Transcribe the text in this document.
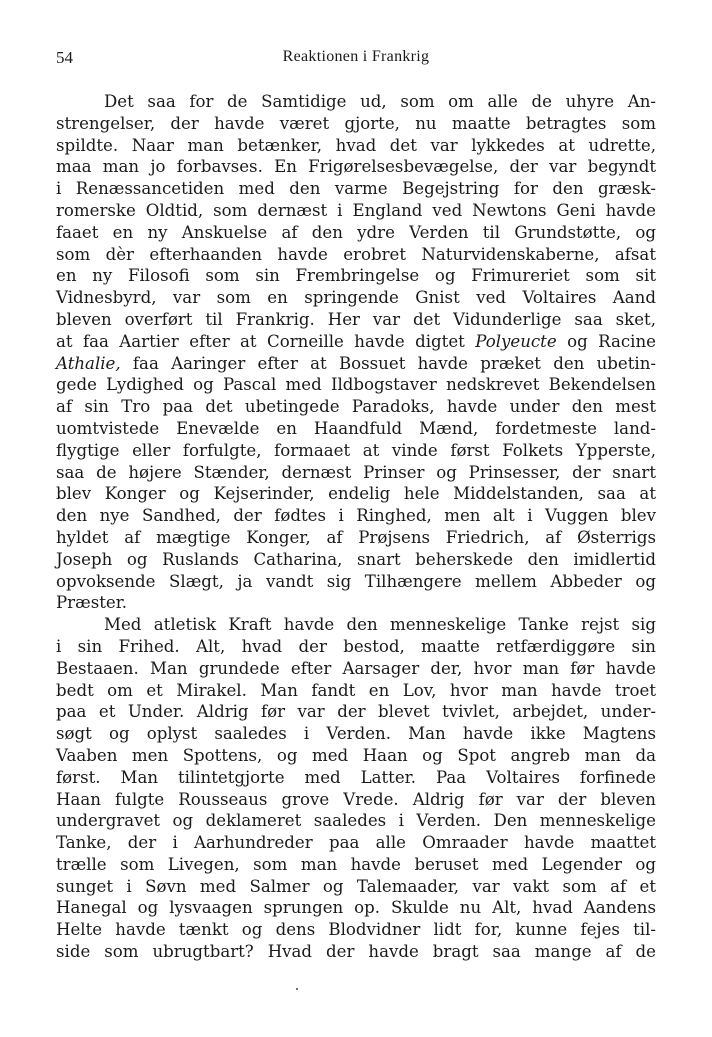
54	Reaktionen i Frankrig
Det saa for de Samtidige ud, som om alle de uhyre An-
strengelser, der havde været gjorte, nu maatte betragtes som
spildte. Naar man betænker, hvad det var lykkedes at udrette,
maa man jo forbavses. En Frigørelsesbevægelse, der var begyndt
i Renæssancetiden med den varme Begejstring for den græsk-
romerske Oldtid, som dernæst i England ved Newtons Geni havde
faaet en ny Anskuelse af den ydre Verden til Grundstøtte, og
som dèr efterhaanden havde erobret Naturvidenskaberne, afsat
en ny Filosofi som sin Frembringelse og Frimureriet som sit
Vidnesbyrd, var som en springende Gnist ved Voltaires Aand
bleven overført til Frankrig. Her var det Vidunderlige saa sket,
at faa Aartier efter at Corneille havde digtet Polyeucte og Racine
Athalie, faa Aaringer efter at Bossuet havde præket den ubetin-
gede Lydighed og Pascal med Ildbogstaver nedskrevet Bekendelsen
af sin Tro paa det ubetingede Paradoks, havde under den mest
uomtvistede Enevælde en Haandfuld Mænd, fordetmeste land-
flygtige eller forfulgte, formaaet at vinde først Folkets Ypperste,
saa de højere Stænder, dernæst Prinser og Prinsesser, der snart
blev Konger og Kejserinder, endelig hele Middelstanden, saa at
den nye Sandhed, der fødtes i Ringhed, men alt i Vuggen blev
hyldet af mægtige Konger, af Prøjsens Friedrich, af Østerrigs
Joseph og Ruslands Catharina, snart beherskede den imidlertid
opvoksende Slægt, ja vandt sig Tilhængere mellem Abbeder og
Præster.
Med atletisk Kraft havde den menneskelige Tanke rejst sig
i sin Frihed. Alt, hvad der bestod, maatte retfærdiggøre sin
Bestaaen. Man grundede efter Aarsager der, hvor man før havde
bedt om et Mirakel. Man fandt en Lov, hvor man havde troet
paa et Under. Aldrig før var der blevet tvivlet, arbejdet, under-
søgt og oplyst saaledes i Verden. Man havde ikke Magtens
Vaaben men Spottens, og med Haan og Spot angreb man da
først. Man tilintetgjorte med Latter. Paa Voltaires forfinede
Haan fulgte Rousseaus grove Vrede. Aldrig før var der bleven
undergravet og deklameret saaledes i Verden. Den menneskelige
Tanke, der i Aarhundreder paa alle Omraader havde maattet
trælle som Livegen, som man havde beruset med Legender og
sunget i Søvn med Salmer og Talemaader, var vakt som af et
Hanegal og lysvaagen sprungen op. Skulde nu Alt, hvad Aandens
Helte havde tænkt og dens Blodvidner lidt for, kunne fejes til-
side som ubrugtbart? Hvad der havde bragt saa mange af de
